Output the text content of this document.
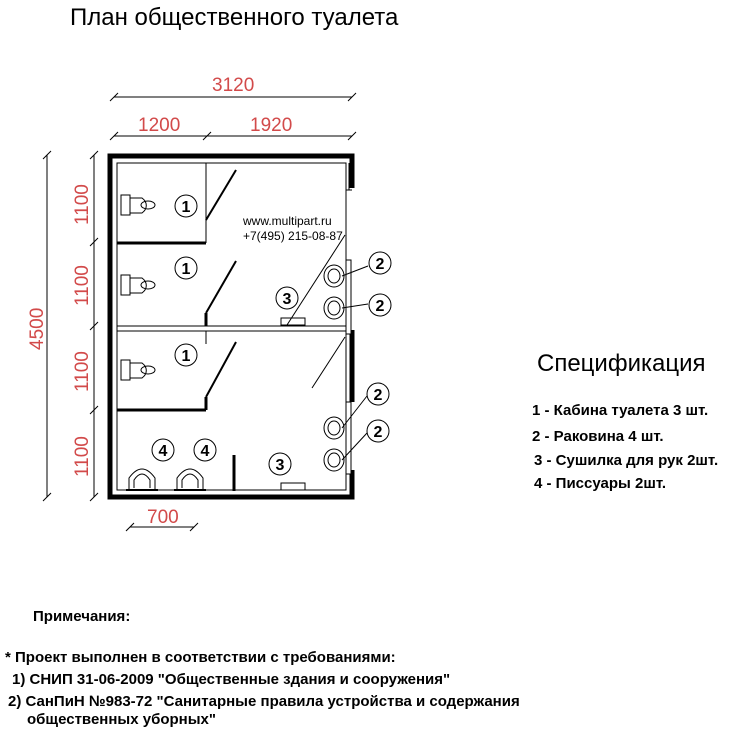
План общественного туалета
3120
1200	1920
4500
1100
1100
1100
1100
700
1
1
1
3
2
2
2
2
4 4
3
www.multipart.ru
+7(495) 215-08-87
Спецификация
1 - Кабина туалета 3 шт.
2 - Раковина 4 шт.
3 - Сушилка для рук 2шт.
4 - Писсуары 2шт.
Примечания:
* Проект выполнен в соответствии с требованиями:
1) СНИП 31-06-2009 "Общественные здания и сооружения"
2) СанПиН №983-72 "Санитарные правила устройства и содержания
общественных уборных"
